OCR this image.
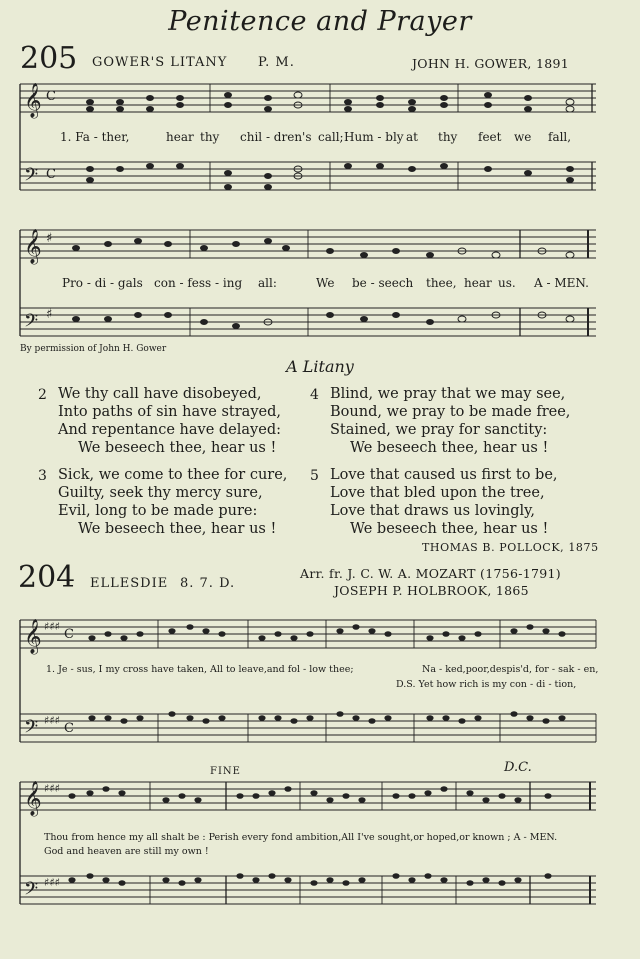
Penitence and Prayer
205 GOWER'S LITANY P. M.	JOHN H. GOWER, 1891
𝄞
𝄢
C
C
1. Fa - ther,	hear thy chil - dren's call; Hum - bly at thy feet we fall,
𝄞
𝄢
♯
♯
Pro - di - gals con - fess - ing all:	We be - seech thee, hear us. A - MEN.
By permission of John H. Gower
A Litany
2 We thy call have disobeyed,
Into paths of sin have strayed,
And repentance have delayed:
We beseech thee, hear us !
3 Sick, we come to thee for cure,
Guilty, seek thy mercy sure,
Evil, long to be made pure:
We beseech thee, hear us !
4 Blind, we pray that we may see,
Bound, we pray to be made free,
Stained, we pray for sanctity:
We beseech thee, hear us !
5 Love that caused us first to be,
Love that bled upon the tree,
Love that draws us lovingly,
We beseech thee, hear us !
THOMAS B. POLLOCK, 1875
204 ELLESDIE 8. 7. D.
Arr. fr. J. C. W. A. MOZART (1756-1791)
JOSEPH P. HOLBROOK, 1865
𝄞
𝄢
♯♯♯
♯♯♯
C
C
1. Je - sus, I my cross have taken, All to leave,and fol - low thee;	Na - ked,poor,despis'd, for - sak - en,
D.S. Yet how rich is my con - di - tion,
FINE	D.C.
𝄞
𝄢
♯♯♯
♯♯♯
Thou from hence my all shalt be : Perish every fond ambition,All I've sought,or hoped,or known ; A - MEN.
God and heaven are still my own !
